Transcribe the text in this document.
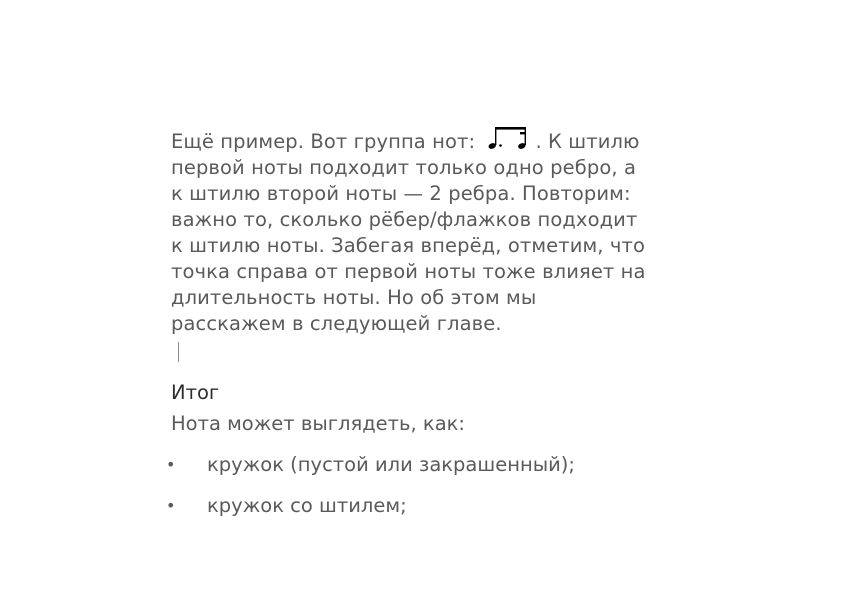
Ещё пример. Вот группа нот:	. К штилю
первой ноты подходит только одно ребро, а
к штилю второй ноты — 2 ребра. Повторим:
важно то, сколько рёбер/флажков подходит
к штилю ноты. Забегая вперёд, отметим, что
точка справа от первой ноты тоже влияет на
длительность ноты. Но об этом мы
расскажем в следующей главе.

Итог

Нота может выглядеть, как:

• кружок (пустой или закрашенный);
• кружок со штилем;
